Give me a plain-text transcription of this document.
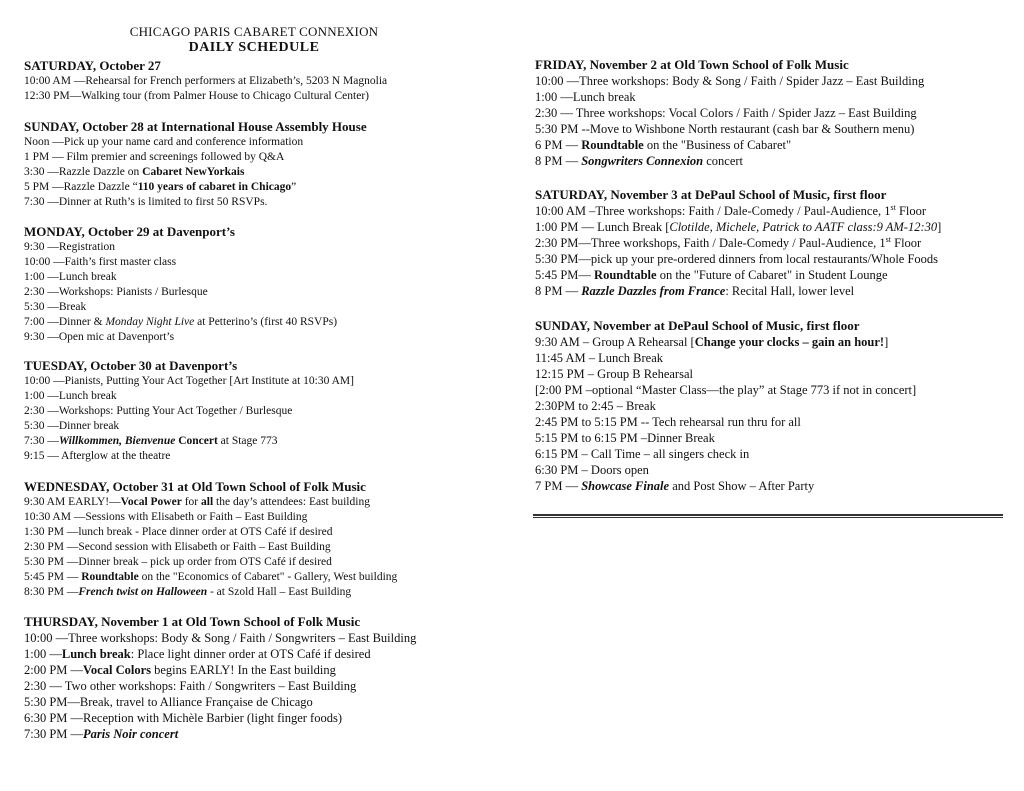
CHICAGO PARIS CABARET CONNEXION
DAILY SCHEDULE
SATURDAY, October 27
10:00 AM —Rehearsal for French performers at Elizabeth’s, 5203 N Magnolia
12:30 PM—Walking tour (from Palmer House to Chicago Cultural Center)
SUNDAY, October 28 at International House Assembly House
Noon —Pick up your name card and conference information
1 PM — Film premier and screenings followed by Q&A
3:30 —Razzle Dazzle on Cabaret NewYorkais
5 PM —Razzle Dazzle “110 years of cabaret in Chicago”
7:30 —Dinner at Ruth’s is limited to first 50 RSVPs.
MONDAY, October 29 at Davenport’s
9:30 —Registration
10:00 —Faith’s first master class
1:00 —Lunch break
2:30 —Workshops: Pianists / Burlesque
5:30 —Break
7:00 —Dinner & Monday Night Live at Petterino’s (first 40 RSVPs)
9:30 —Open mic at Davenport’s
TUESDAY, October 30 at Davenport’s
10:00 —Pianists, Putting Your Act Together [Art Institute at 10:30 AM]
1:00 —Lunch break
2:30 —Workshops: Putting Your Act Together / Burlesque
5:30 —Dinner break
7:30 —Willkommen, Bienvenue Concert at Stage 773
9:15 — Afterglow at the theatre
WEDNESDAY, October 31 at Old Town School of Folk Music
9:30 AM EARLY!—Vocal Power for all the day’s attendees: East building
10:30 AM —Sessions with Elisabeth or Faith – East Building
1:30 PM —lunch break - Place dinner order at OTS Café if desired
2:30 PM —Second session with Elisabeth or Faith – East Building
5:30 PM —Dinner break – pick up order from OTS Café if desired
5:45 PM — Roundtable on the "Economics of Cabaret" - Gallery, West building
8:30 PM —French twist on Halloween - at Szold Hall – East Building
THURSDAY, November 1 at Old Town School of Folk Music
10:00 —Three workshops: Body & Song / Faith / Songwriters – East Building
1:00 —Lunch break: Place light dinner order at OTS Café if desired
2:00 PM —Vocal Colors begins EARLY! In the East building
2:30 — Two other workshops: Faith / Songwriters – East Building
5:30 PM—Break, travel to Alliance Française de Chicago
6:30 PM —Reception with Michèle Barbier (light finger foods)
7:30 PM —Paris Noir concert
FRIDAY, November 2 at Old Town School of Folk Music
10:00 —Three workshops: Body & Song / Faith / Spider Jazz – East Building
1:00 —Lunch break
2:30 — Three workshops: Vocal Colors / Faith / Spider Jazz – East Building
5:30 PM --Move to Wishbone North restaurant (cash bar & Southern menu)
6 PM — Roundtable on the "Business of Cabaret"
8 PM — Songwriters Connexion concert
SATURDAY, November 3 at DePaul School of Music, first floor
10:00 AM –Three workshops: Faith / Dale-Comedy / Paul-Audience, 1st Floor
1:00 PM — Lunch Break [Clotilde, Michele, Patrick to AATF class:9 AM-12:30]
2:30 PM—Three workshops, Faith / Dale-Comedy / Paul-Audience, 1st Floor
5:30 PM—pick up your pre-ordered dinners from local restaurants/Whole Foods
5:45 PM— Roundtable on the "Future of Cabaret" in Student Lounge
8 PM — Razzle Dazzles from France: Recital Hall, lower level
SUNDAY, November at DePaul School of Music, first floor
9:30 AM – Group A Rehearsal [Change your clocks – gain an hour!]
11:45 AM – Lunch Break
12:15 PM – Group B Rehearsal
[2:00 PM –optional “Master Class—the play” at Stage 773 if not in concert]
2:30PM to 2:45 – Break
2:45 PM to 5:15 PM -- Tech rehearsal run thru for all
5:15 PM to 6:15 PM –Dinner Break
6:15 PM – Call Time – all singers check in
6:30 PM – Doors open
7 PM — Showcase Finale and Post Show – After Party
